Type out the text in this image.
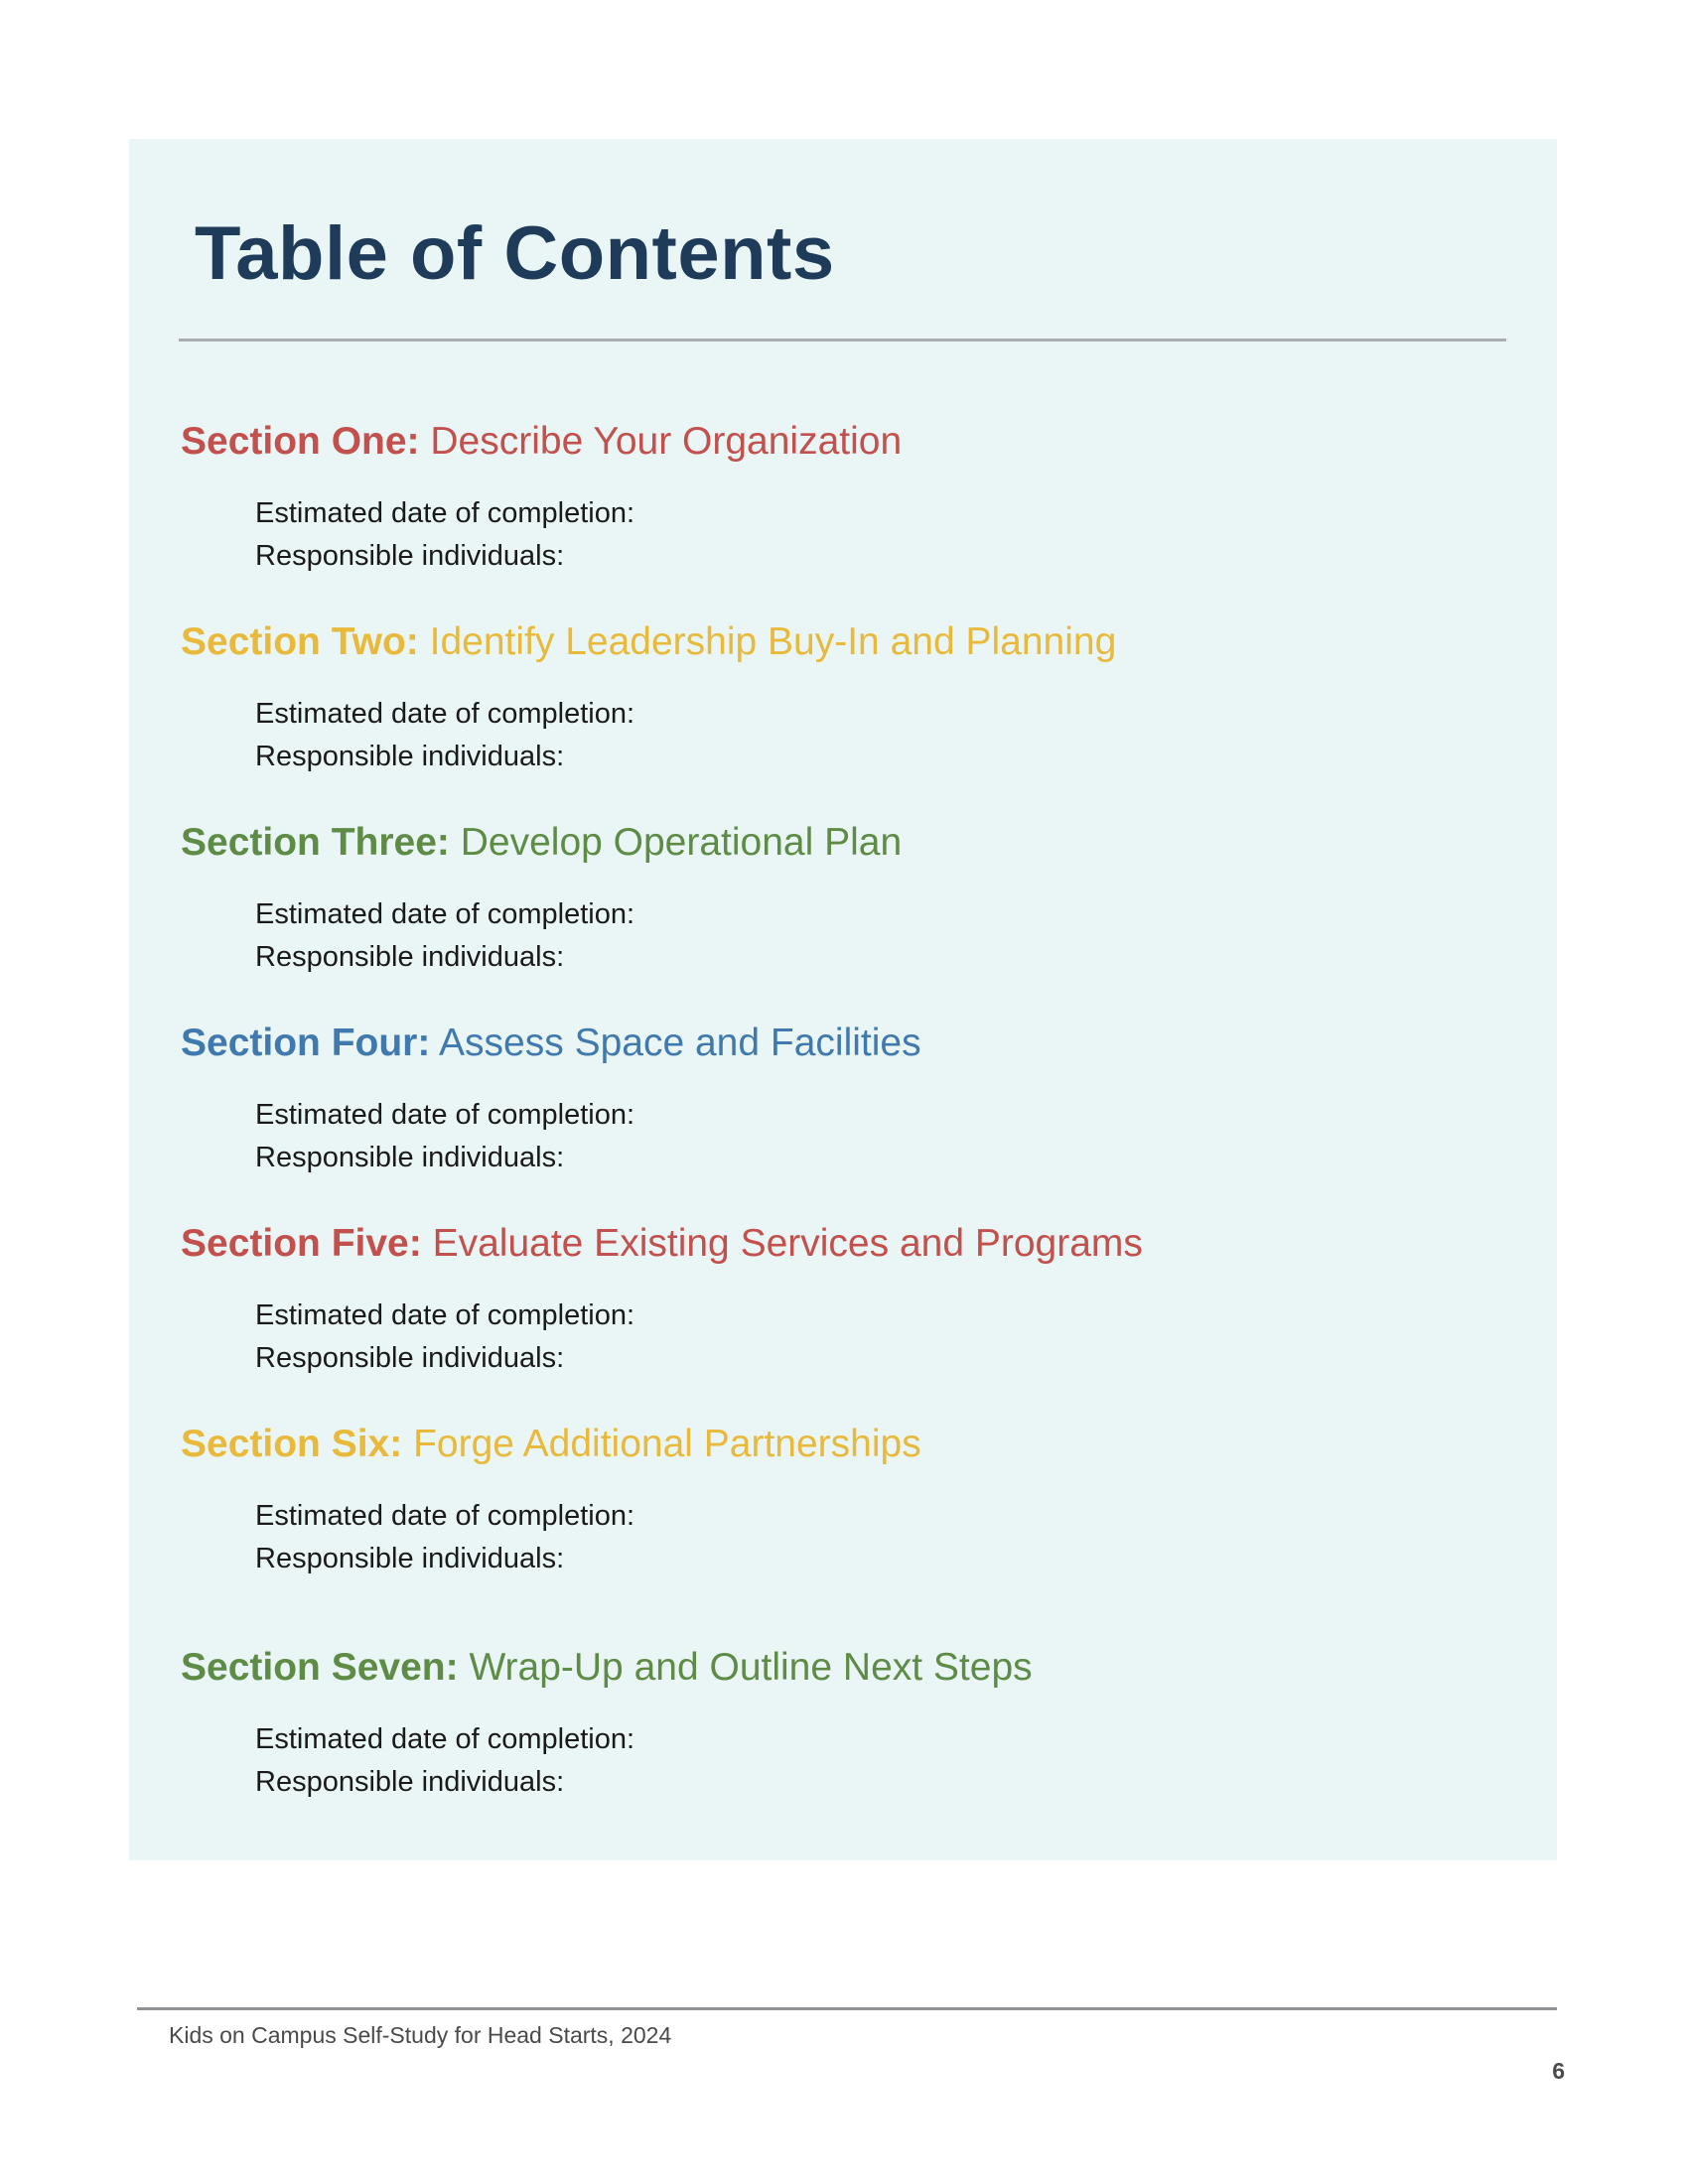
Table of Contents

Section One: Describe Your Organization

Estimated date of completion:
Responsible individuals:

Section Two: Identify Leadership Buy-In and Planning

Estimated date of completion:
Responsible individuals:

Section Three: Develop Operational Plan

Estimated date of completion:
Responsible individuals:

Section Four: Assess Space and Facilities

Estimated date of completion:
Responsible individuals:

Section Five: Evaluate Existing Services and Programs

Estimated date of completion:
Responsible individuals:

Section Six: Forge Additional Partnerships

Estimated date of completion:
Responsible individuals:

Section Seven: Wrap-Up and Outline Next Steps

Estimated date of completion:
Responsible individuals:
Kids on Campus Self-Study for Head Starts, 2024
6
